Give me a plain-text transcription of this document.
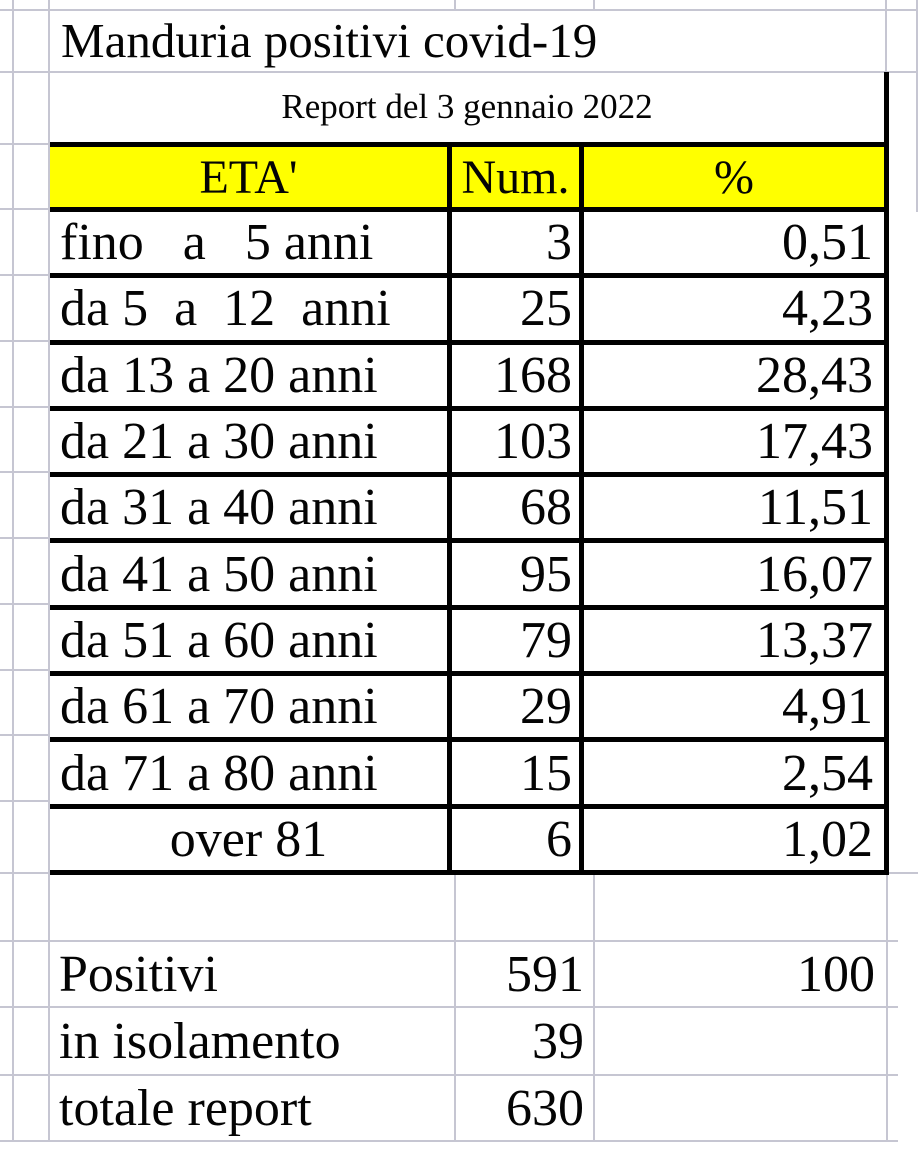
Manduria positivi covid-19
Report del 3 gennaio 2022
ETA'	Num.	%
fino   a   5 anni	3	0,51
da 5  a  12  anni	25	4,23
da 13 a 20 anni	168	28,43
da 21 a 30 anni	103	17,43
da 31 a 40 anni	68	11,51
da 41 a 50 anni	95	16,07
da 51 a 60 anni	79	13,37
da 61 a 70 anni	29	4,91
da 71 a 80 anni	15	2,54
over 81	6	1,02
Positivi	591	100
in isolamento	39
totale report	630
